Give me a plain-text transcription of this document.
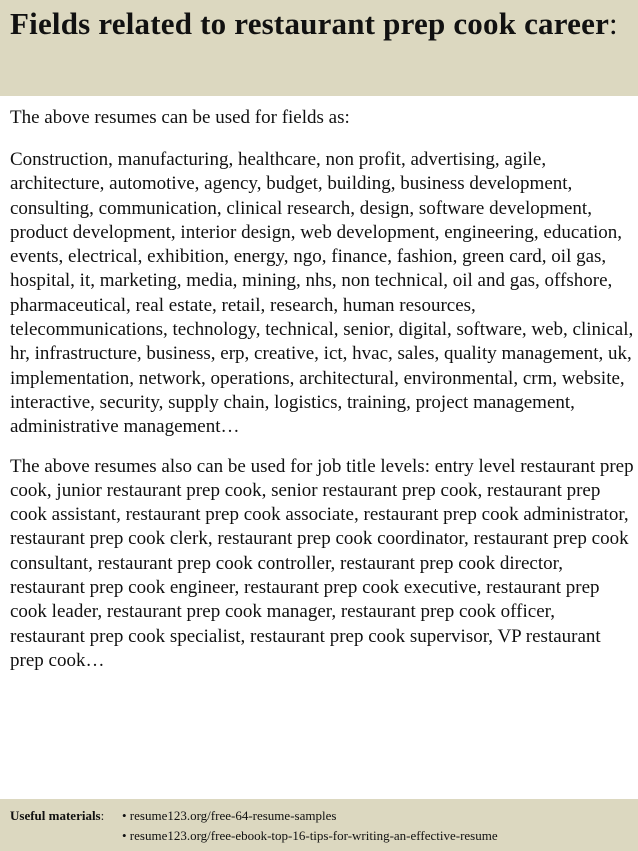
Fields related to restaurant prep cook career:

The above resumes can be used for fields as:

Construction, manufacturing, healthcare, non profit, advertising, agile, architecture, automotive, agency, budget, building, business development, consulting, communication, clinical research, design, software development, product development, interior design, web development, engineering, education, events, electrical, exhibition, energy, ngo, finance, fashion, green card, oil gas, hospital, it, marketing, media, mining, nhs, non technical, oil and gas, offshore, pharmaceutical, real estate, retail, research, human resources, telecommunications, technology, technical, senior, digital, software, web, clinical, hr, infrastructure, business, erp, creative, ict, hvac, sales, quality management, uk, implementation, network, operations, architectural, environmental, crm, website, interactive, security, supply chain, logistics, training, project management, administrative management…

The above resumes also can be used for job title levels: entry level restaurant prep cook, junior restaurant prep cook, senior restaurant prep cook, restaurant prep cook assistant, restaurant prep cook associate, restaurant prep cook administrator, restaurant prep cook clerk, restaurant prep cook coordinator, restaurant prep cook consultant, restaurant prep cook controller, restaurant prep cook director, restaurant prep cook engineer, restaurant prep cook executive, restaurant prep cook leader, restaurant prep cook manager, restaurant prep cook officer, restaurant prep cook specialist, restaurant prep cook supervisor, VP restaurant prep cook…

Useful materials:	• resume123.org/free-64-resume-samples
• resume123.org/free-ebook-top-16-tips-for-writing-an-effective-resume
